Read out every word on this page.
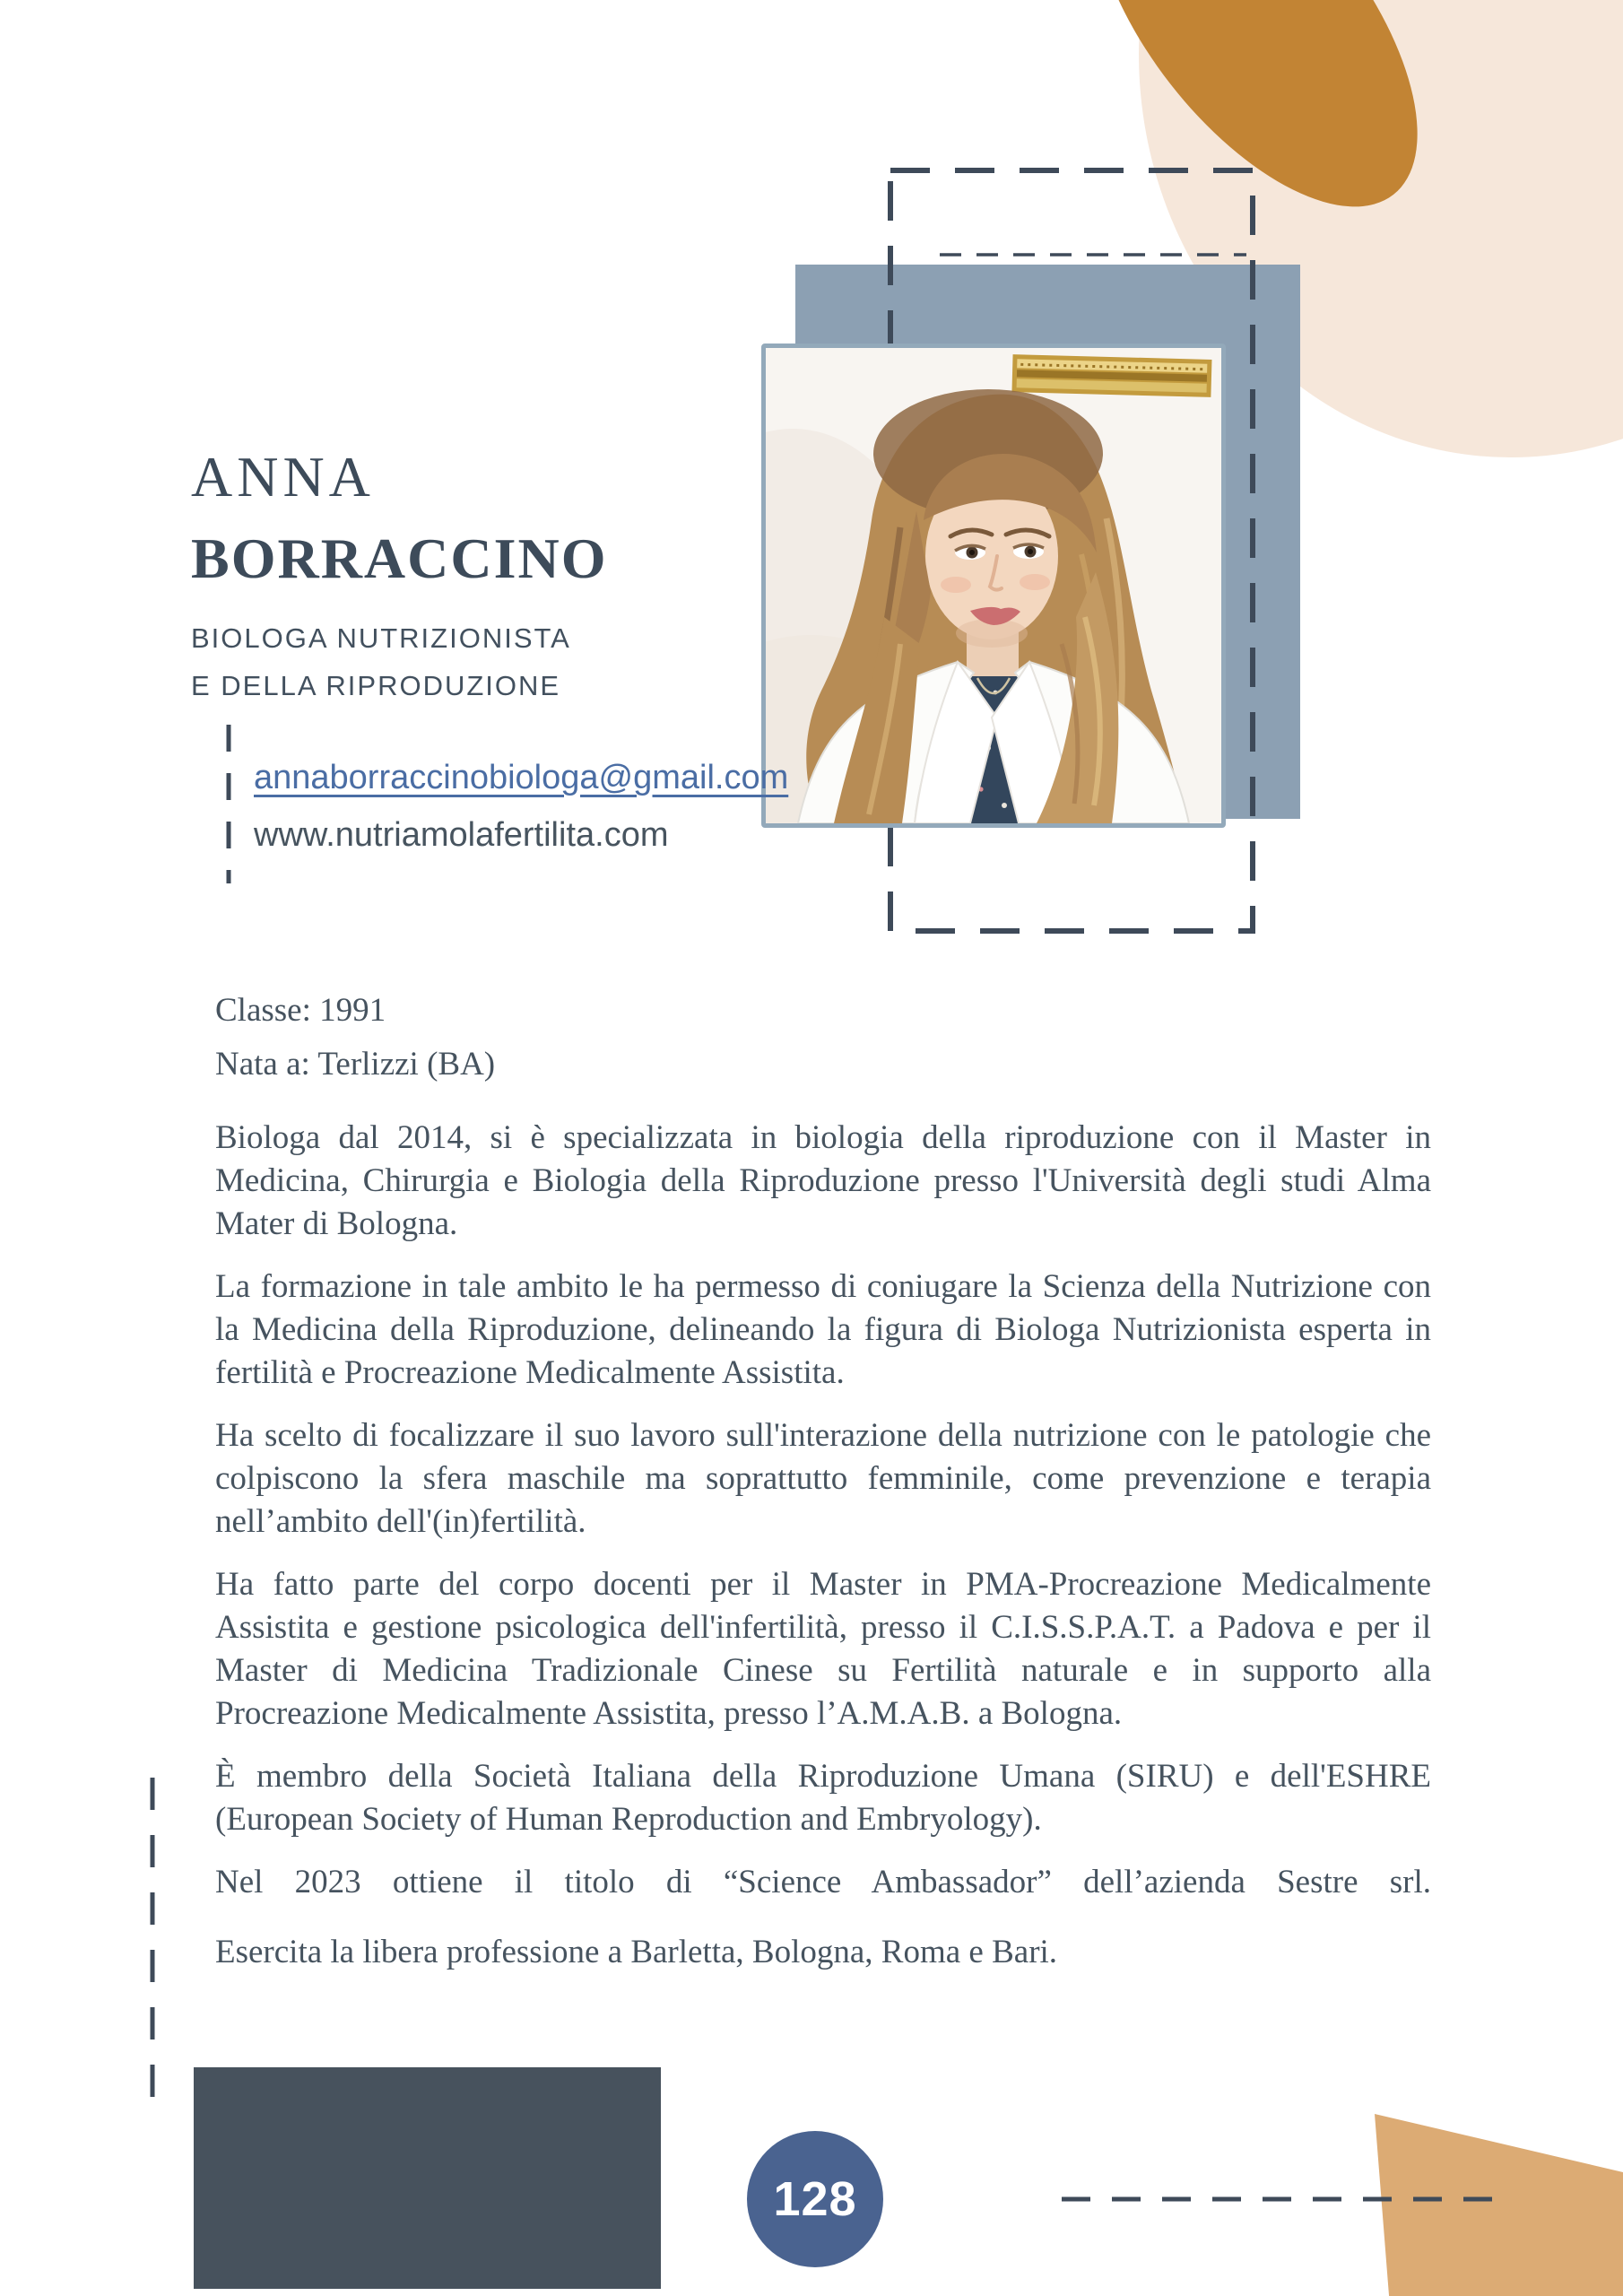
ANNA
BORRACCINO
BIOLOGA NUTRIZIONISTA
E DELLA RIPRODUZIONE
annaborraccinobiologa@gmail.com
www.nutriamolafertilita.com

Classe: 1991

Nata a: Terlizzi (BA)

Biologa dal 2014, si è specializzata in biologia della riproduzione con il Master in Medicina, Chirurgia e Biologia della Riproduzione presso l'Università degli studi Alma Mater di Bologna.

La formazione in tale ambito le ha permesso di coniugare la Scienza della Nutrizione con la Medicina della Riproduzione, delineando la figura di Biologa Nutrizionista esperta in fertilità e Procreazione Medicalmente Assistita.

Ha scelto di focalizzare il suo lavoro sull'interazione della nutrizione con le patologie che colpiscono la sfera maschile ma soprattutto femminile, come prevenzione e terapia nell’ambito dell'(in)fertilità.

Ha fatto parte del corpo docenti per il Master in PMA-Procreazione Medicalmente Assistita e gestione psicologica dell'infertilità, presso il C.I.S.S.P.A.T. a Padova e per il Master di Medicina Tradizionale Cinese su Fertilità naturale e in supporto alla Procreazione Medicalmente Assistita, presso l’A.M.A.B. a Bologna.

È membro della Società Italiana della Riproduzione Umana (SIRU) e dell'ESHRE (European Society of Human Reproduction and Embryology).

Nel 2023 ottiene il titolo di “Science Ambassador” dell’azienda Sestre srl.

Esercita la libera professione a Barletta, Bologna, Roma e Bari.

128
